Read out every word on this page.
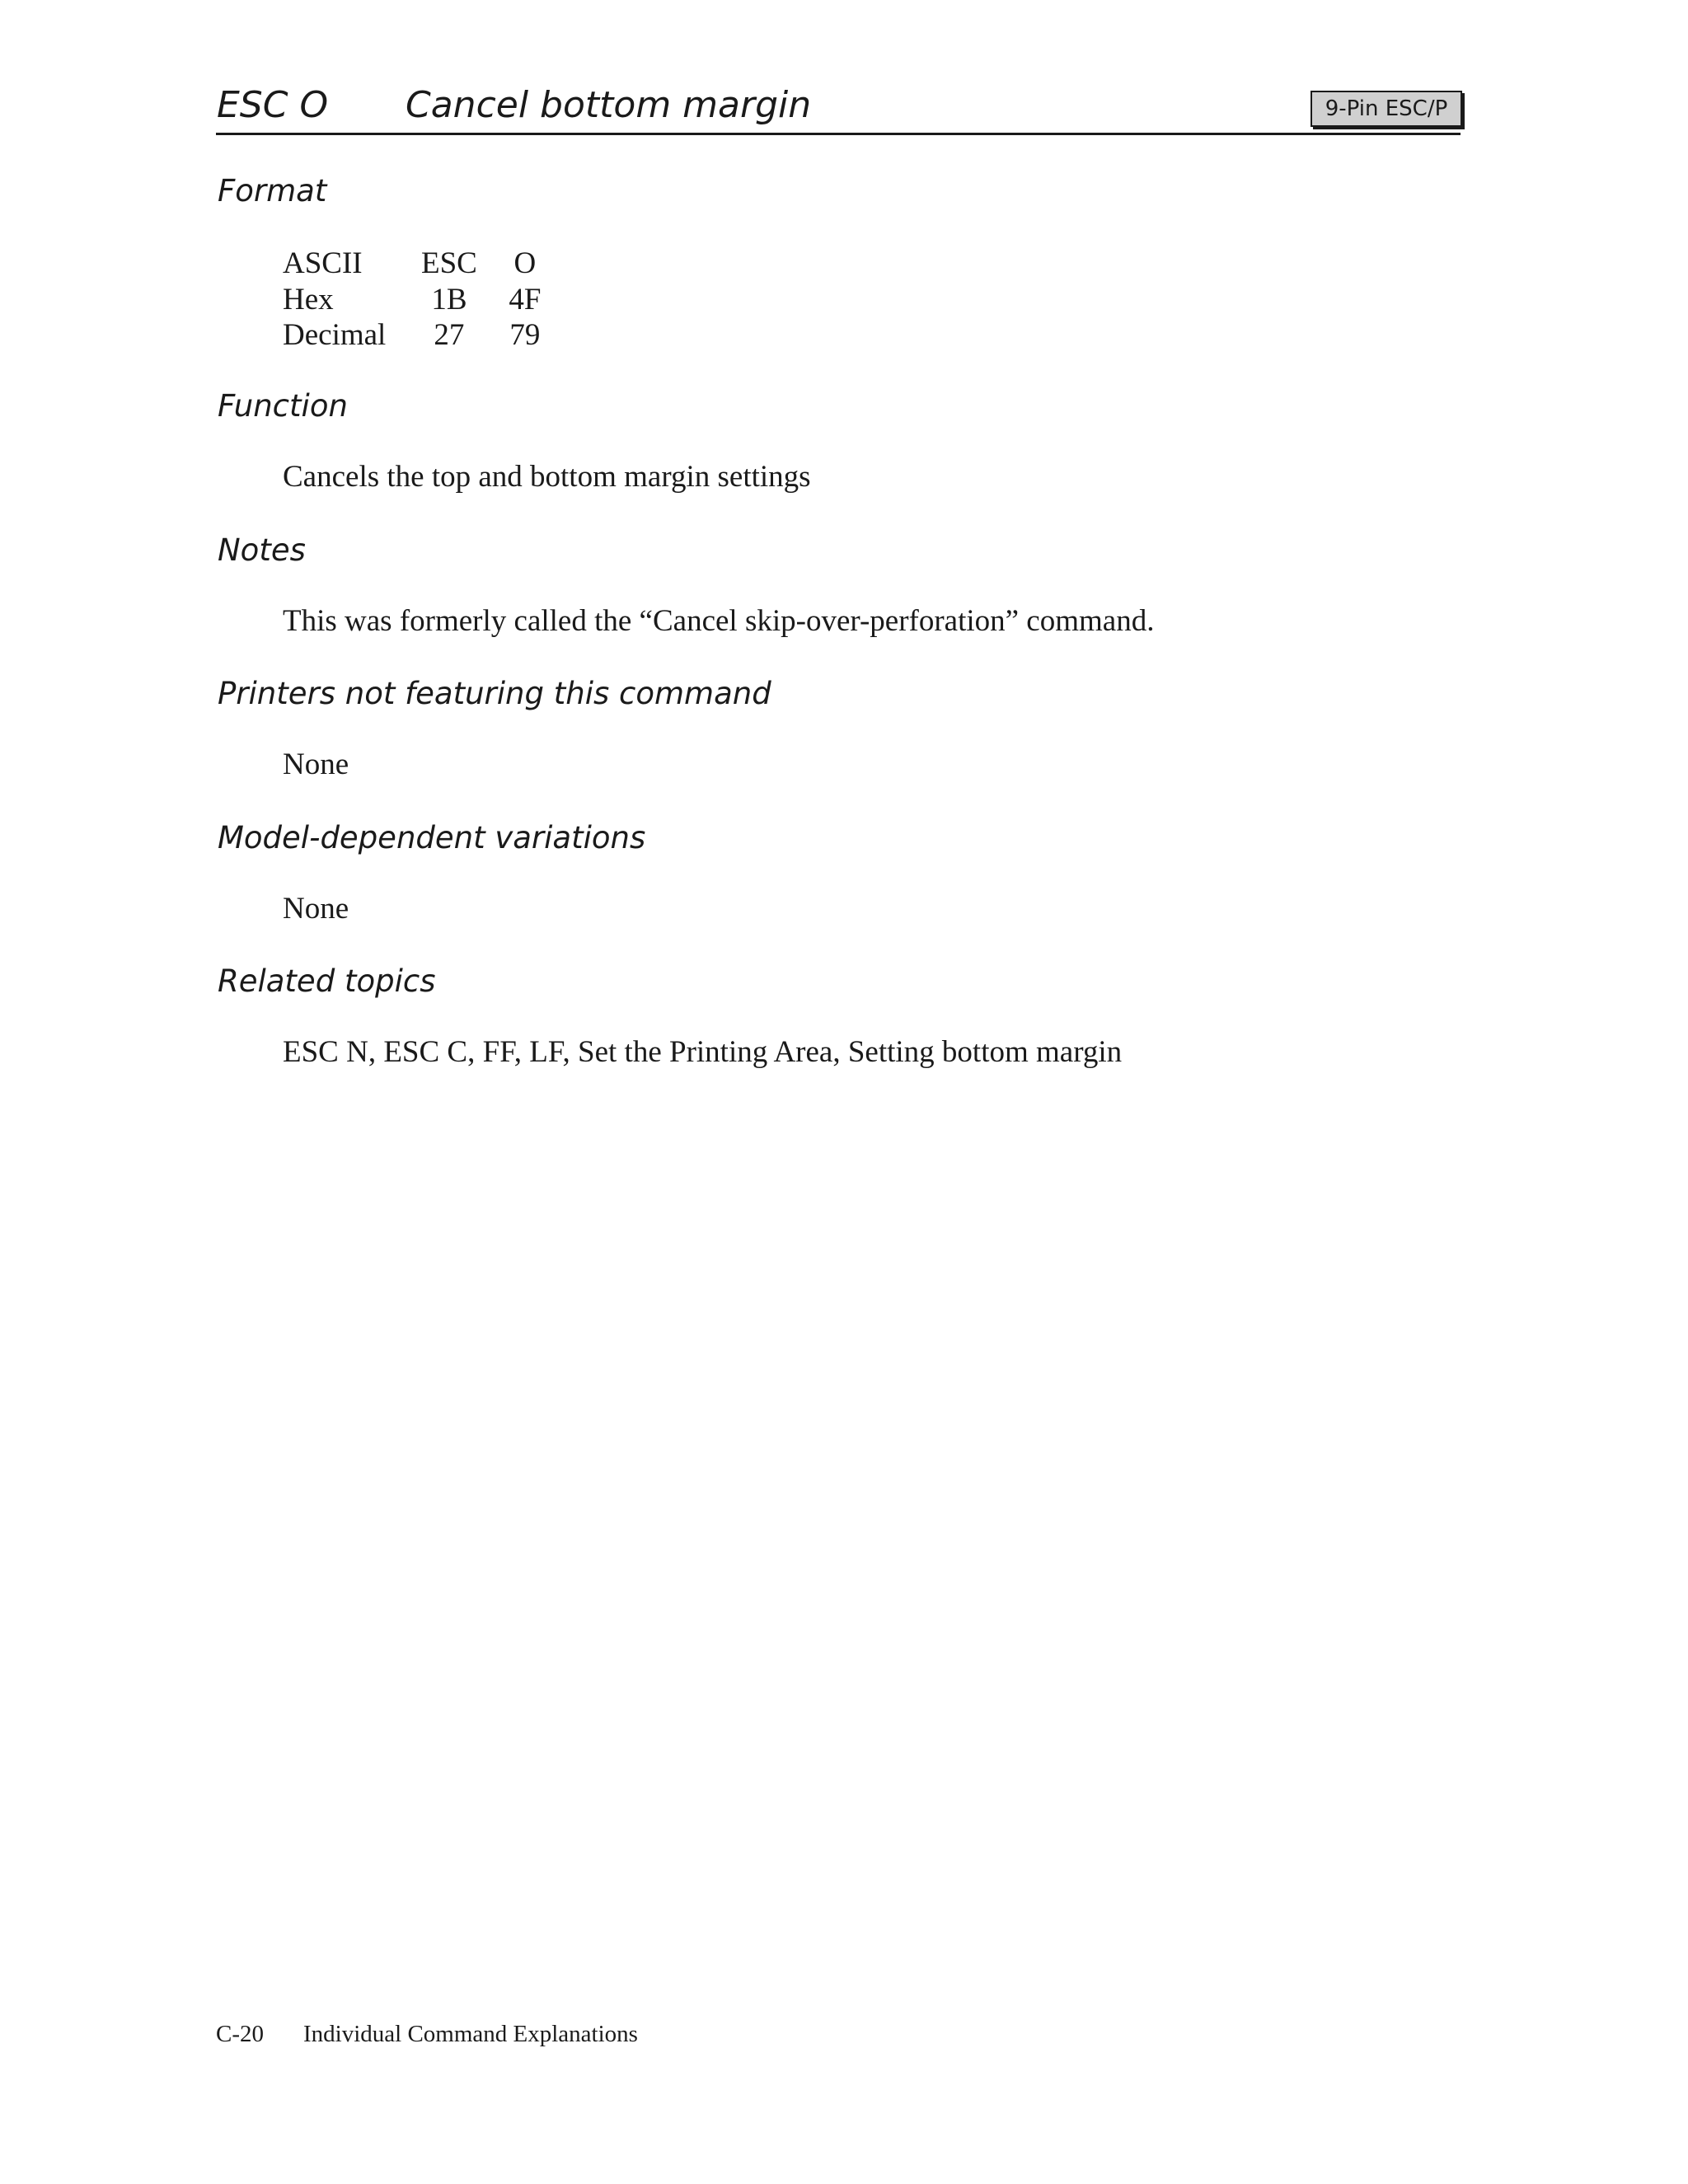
ESC O Cancel bottom margin	9-Pin ESC/P
Format
ASCII	ESC		O
Hex	1B		4F
Decimal	27		79
Function
Cancels the top and bottom margin settings
Notes
This was formerly called the “Cancel skip-over-perforation” command.
Printers not featuring this command
None
Model-dependent variations
None
Related topics
ESC N, ESC C, FF, LF, Set the Printing Area, Setting bottom margin
C-20 Individual Command Explanations
